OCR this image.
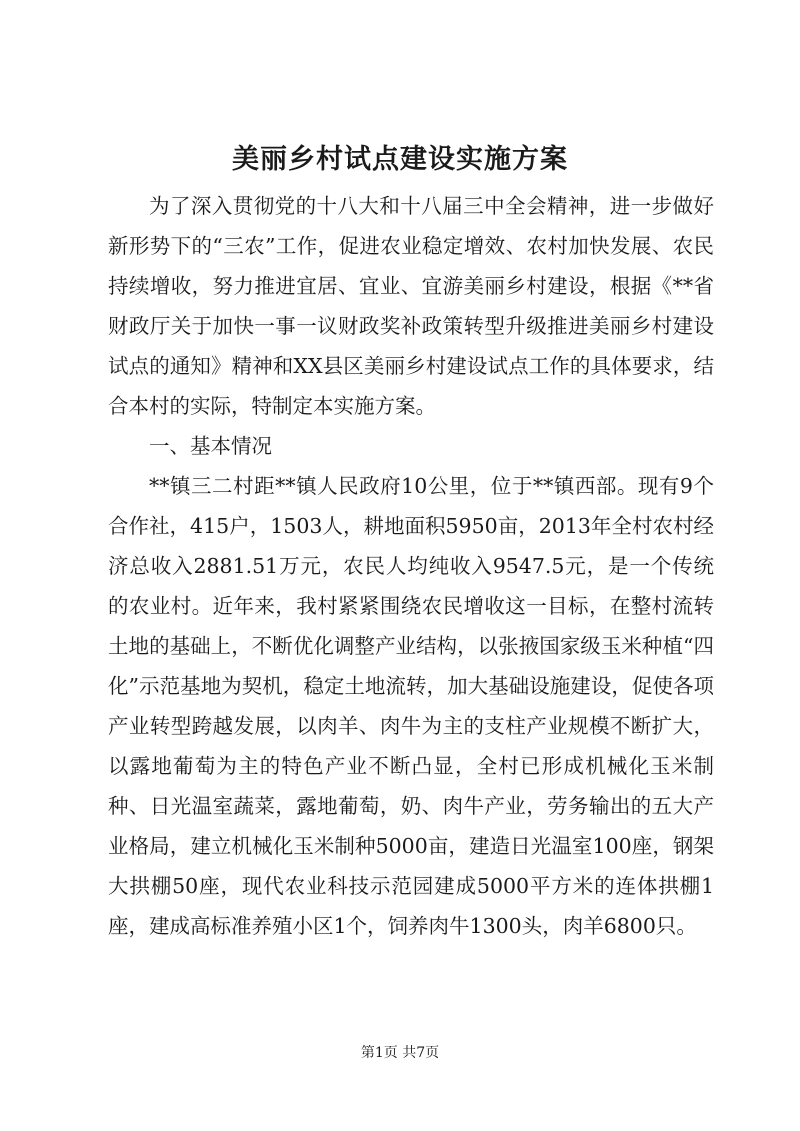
美丽乡村试点建设实施方案

为了深入贯彻党的十八大和十八届三中全会精神，进一步做好新形势下的“三农”工作，促进农业稳定增效、农村加快发展、农民持续增收，努力推进宜居、宜业、宜游美丽乡村建设，根据《**省财政厅关于加快一事一议财政奖补政策转型升级推进美丽乡村建设试点的通知》精神和XX县区美丽乡村建设试点工作的具体要求，结合本村的实际，特制定本实施方案。

一、基本情况

**镇三二村距**镇人民政府10公里，位于**镇西部。现有9个合作社，415户，1503人，耕地面积5950亩，2013年全村农村经济总收入2881.51万元，农民人均纯收入9547.5元，是一个传统的农业村。近年来，我村紧紧围绕农民增收这一目标，在整村流转土地的基础上，不断优化调整产业结构，以张掖国家级玉米种植“四化”示范基地为契机，稳定土地流转，加大基础设施建设，促使各项产业转型跨越发展，以肉羊、肉牛为主的支柱产业规模不断扩大，以露地葡萄为主的特色产业不断凸显，全村已形成机械化玉米制种、日光温室蔬菜，露地葡萄，奶、肉牛产业，劳务输出的五大产业格局，建立机械化玉米制种5000亩，建造日光温室100座，钢架大拱棚50座，现代农业科技示范园建成5000平方米的连体拱棚1座，建成高标准养殖小区1个，饲养肉牛1300头，肉羊6800只。

第1页 共7页
